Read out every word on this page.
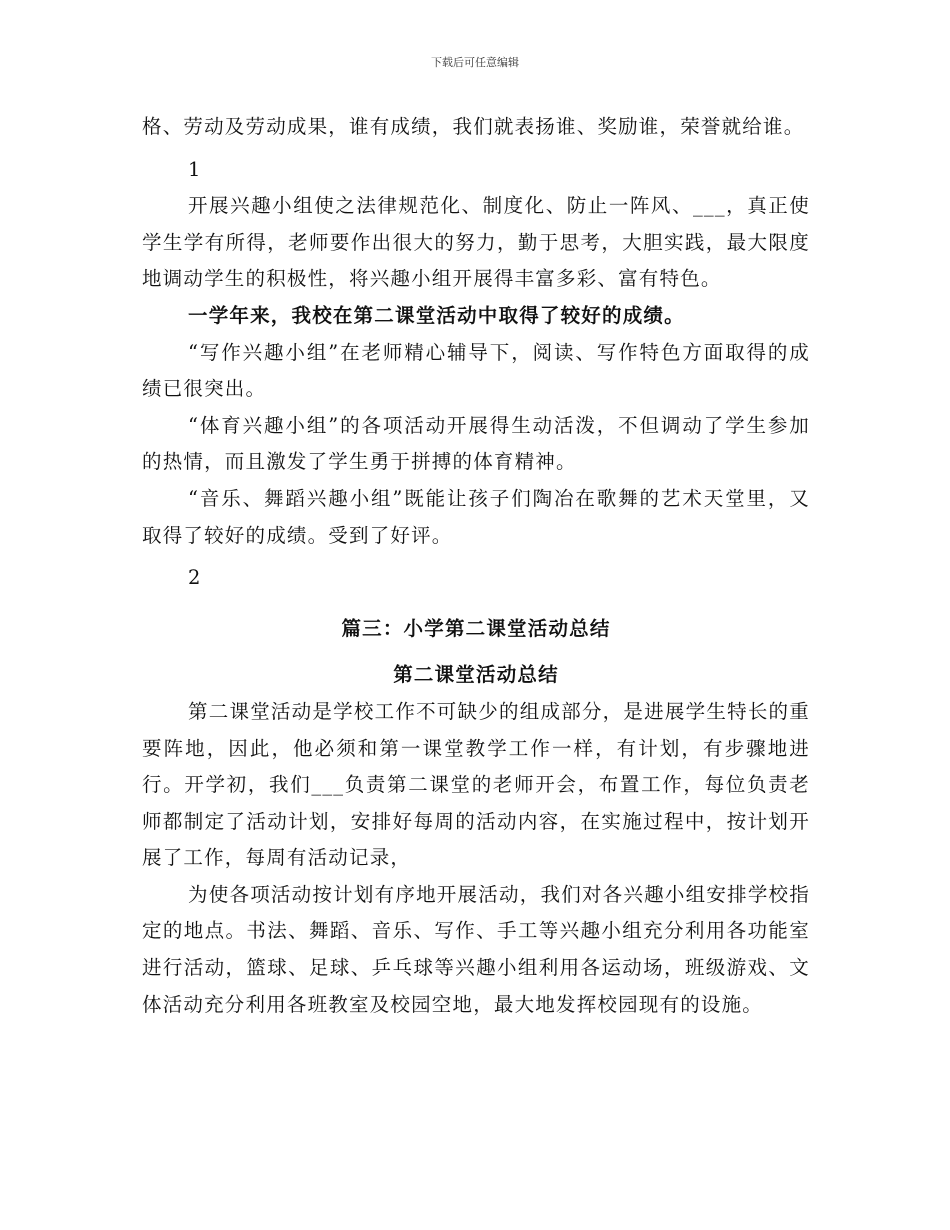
下载后可任意编辑

格、劳动及劳动成果，谁有成绩，我们就表扬谁、奖励谁，荣誉就给谁。

1

开展兴趣小组使之法律规范化、制度化、防止一阵风、___，真正使学生学有所得，老师要作出很大的努力，勤于思考，大胆实践，最大限度地调动学生的积极性，将兴趣小组开展得丰富多彩、富有特色。

一学年来，我校在第二课堂活动中取得了较好的成绩。

“写作兴趣小组”在老师精心辅导下，阅读、写作特色方面取得的成绩已很突出。

“体育兴趣小组”的各项活动开展得生动活泼，不但调动了学生参加的热情，而且激发了学生勇于拼搏的体育精神。

“音乐、舞蹈兴趣小组”既能让孩子们陶冶在歌舞的艺术天堂里，又取得了较好的成绩。受到了好评。

2

篇三：小学第二课堂活动总结

第二课堂活动总结

第二课堂活动是学校工作不可缺少的组成部分，是进展学生特长的重要阵地，因此，他必须和第一课堂教学工作一样，有计划，有步骤地进行。开学初，我们___负责第二课堂的老师开会，布置工作，每位负责老师都制定了活动计划，安排好每周的活动内容，在实施过程中，按计划开展了工作，每周有活动记录，

为使各项活动按计划有序地开展活动，我们对各兴趣小组安排学校指定的地点。书法、舞蹈、音乐、写作、手工等兴趣小组充分利用各功能室进行活动，篮球、足球、乒乓球等兴趣小组利用各运动场，班级游戏、文体活动充分利用各班教室及校园空地，最大地发挥校园现有的设施。
